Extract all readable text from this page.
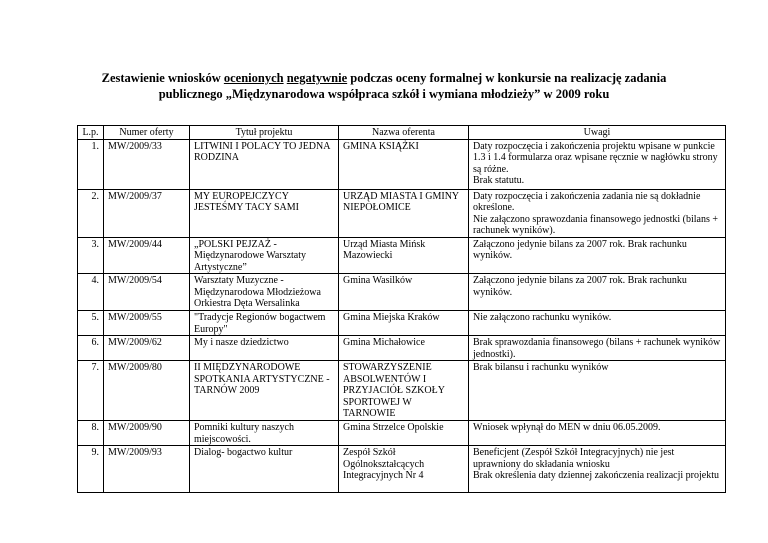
Zestawienie wniosków ocenionych negatywnie podczas oceny formalnej w konkursie na realizację zadania
publicznego „Międzynarodowa współpraca szkół i wymiana młodzieży” w 2009 roku
L.p.	Numer oferty	Tytuł projektu	Nazwa oferenta	Uwagi
1.	MW/2009/33	LITWINI I POLACY TO JEDNA RODZINA	GMINA KSIĄŻKI	Daty rozpoczęcia i zakończenia projektu wpisane w punkcie 1.3 i 1.4 formularza oraz wpisane ręcznie w nagłówku strony są różne.
Brak statutu.
2.	MW/2009/37	MY EUROPEJCZYCY JESTEŚMY TACY SAMI	URZĄD MIASTA I GMINY NIEPOŁOMICE	Daty rozpoczęcia i zakończenia zadania nie są dokładnie określone.
Nie załączono sprawozdania finansowego jednostki (bilans + rachunek wyników).
3.	MW/2009/44	„POLSKI PEJZAŻ - Międzynarodowe Warsztaty Artystyczne”	Urząd Miasta Mińsk Mazowiecki	Załączono jedynie bilans za 2007 rok. Brak rachunku wyników.
4.	MW/2009/54	Warsztaty Muzyczne - Międzynarodowa Młodzieżowa Orkiestra Dęta Wersalinka	Gmina Wasilków	Załączono jedynie bilans za 2007 rok. Brak rachunku wyników.
5.	MW/2009/55	"Tradycje Regionów bogactwem Europy"	Gmina Miejska Kraków	Nie załączono rachunku wyników.
6.	MW/2009/62	My i nasze dziedzictwo	Gmina Michałowice	Brak sprawozdania finansowego (bilans + rachunek wyników jednostki).
7.	MW/2009/80	II MIĘDZYNARODOWE SPOTKANIA ARTYSTYCZNE - TARNÓW 2009	STOWARZYSZENIE ABSOLWENTÓW I PRZYJACIÓŁ SZKOŁY SPORTOWEJ W TARNOWIE	Brak bilansu i rachunku wyników
8.	MW/2009/90	Pomniki kultury naszych miejscowości.	Gmina Strzelce Opolskie	Wniosek wpłynął do MEN w dniu 06.05.2009.
9.	MW/2009/93	Dialog- bogactwo kultur	Zespół Szkół Ogólnokształcących Integracyjnych Nr 4	Beneficjent (Zespół Szkół Integracyjnych) nie jest uprawniony do składania wniosku
Brak określenia daty dziennej zakończenia realizacji projektu
